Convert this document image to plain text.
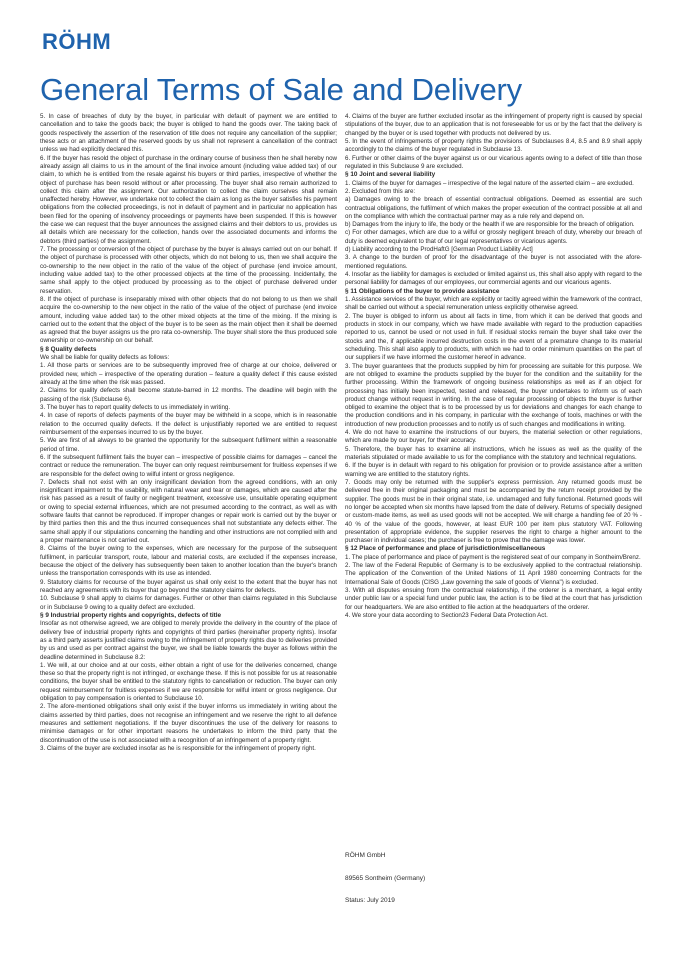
RÖHM
General Terms of Sale and Delivery

5. In case of breaches of duty by the buyer, in particular with default of payment we are entitled to cancellation and to take the goods back; the buyer is obliged to hand the goods over. The taking back of goods respectively the assertion of the reservation of title does not require any cancellation of the supplier; these acts or an attachment of the reserved goods by us shall not represent a cancellation of the contract unless we had explicitly declared this.

6. If the buyer has resold the object of purchase in the ordinary course of business then he shall hereby now already assign all claims to us in the amount of the final invoice amount (including value added tax) of our claim, to which he is entitled from the resale against his buyers or third parties, irrespective of whether the object of purchase has been resold without or after processing. The buyer shall also remain authorized to collect this claim after the assignment. Our authorization to collect the claim ourselves shall remain unaffected hereby. However, we undertake not to collect the claim as long as the buyer satisfies his payment obligations from the collected proceedings, is not in default of payment and in particular no application has been filed for the opening of insolvency proceedings or payments have been suspended. If this is however the case we can request that the buyer announces the assigned claims and their debtors to us, provides us all details which are necessary for the collection, hands over the associated documents and informs the debtors (third parties) of the assignment.

7. The processing or conversion of the object of purchase by the buyer is always carried out on our behalf. If the object of purchase is processed with other objects, which do not belong to us, then we shall acquire the co-ownership to the new object in the ratio of the value of the object of purchase (end invoice amount, including value added tax) to the other processed objects at the time of the processing. Incidentally, the same shall apply to the object produced by processing as to the object of purchase delivered under reservation.

8. If the object of purchase is inseparably mixed with other objects that do not belong to us then we shall acquire the co-ownership to the new object in the ratio of the value of the object of purchase (end invoice amount, including value added tax) to the other mixed objects at the time of the mixing. If the mixing is carried out to the extent that the object of the buyer is to be seen as the main object then it shall be deemed as agreed that the buyer assigns us the pro rata co-ownership. The buyer shall store the thus produced sole ownership or co-ownership on our behalf.

§ 8 Quality defects

We shall be liable for quality defects as follows:

1. All those parts or services are to be subsequently improved free of charge at our choice, delivered or provided new, which – irrespective of the operating duration – feature a quality defect if this cause existed already at the time when the risk was passed.

2. Claims for quality defects shall become statute-barred in 12 months. The deadline will begin with the passing of the risk (Subclause 6).

3. The buyer has to report quality defects to us immediately in writing.

4. In case of reports of defects payments of the buyer may be withheld in a scope, which is in reasonable relation to the occurred quality defects. If the defect is unjustifiably reported we are entitled to request reimbursement of the expenses incurred to us by the buyer.

5. We are first of all always to be granted the opportunity for the subsequent fulfilment within a reasonable period of time.

6. If the subsequent fulfilment fails the buyer can – irrespective of possible claims for damages – cancel the contract or reduce the remuneration. The buyer can only request reimbursement for fruitless expenses if we are responsible for the defect owing to wilful intent or gross negligence.

7. Defects shall not exist with an only insignificant deviation from the agreed conditions, with an only insignificant impairment to the usability, with natural wear and tear or damages, which are caused after the risk has passed as a result of faulty or negligent treatment, excessive use, unsuitable operating equipment or owing to special external influences, which are not presumed according to the contract, as well as with software faults that cannot be reproduced. If improper changes or repair work is carried out by the buyer or by third parties then this and the thus incurred consequences shall not substantiate any defects either. The same shall apply if our stipulations concerning the handling and other instructions are not complied with and a proper maintenance is not carried out.

8. Claims of the buyer owing to the expenses, which are necessary for the purpose of the subsequent fulfilment, in particular transport, route, labour and material costs, are excluded if the expenses increase, because the object of the delivery has subsequently been taken to another location than the buyer's branch unless the transportation corresponds with its use as intended.

9. Statutory claims for recourse of the buyer against us shall only exist to the extent that the buyer has not reached any agreements with its buyer that go beyond the statutory claims for defects.

10. Subclause 9 shall apply to claims for damages. Further or other than claims regulated in this Subclause or in Subclause 9 owing to a quality defect are excluded.

§ 9 Industrial property rights and copyrights, defects of title

Insofar as not otherwise agreed, we are obliged to merely provide the delivery in the country of the place of delivery free of industrial property rights and copyrights of third parties (hereinafter property rights). Insofar as a third party asserts justified claims owing to the infringement of property rights due to deliveries provided by us and used as per contract against the buyer, we shall be liable towards the buyer as follows within the deadline determined in Subclause 8.2:

1. We will, at our choice and at our costs, either obtain a right of use for the deliveries concerned, change these so that the property right is not infringed, or exchange these. If this is not possible for us at reasonable conditions, the buyer shall be entitled to the statutory rights to cancellation or reduction. The buyer can only request reimbursement for fruitless expenses if we are responsible for wilful intent or gross negligence. Our obligation to pay compensation is oriented to Subclause 10.

2. The afore-mentioned obligations shall only exist if the buyer informs us immediately in writing about the claims asserted by third parties, does not recognise an infringement and we reserve the right to all defence measures and settlement negotiations. If the buyer discontinues the use of the delivery for reasons to minimise damages or for other important reasons he undertakes to inform the third party that the discontinuation of the use is not associated with a recognition of an infringement of a property right.

3. Claims of the buyer are excluded insofar as he is responsible for the infringement of property right.

4. Claims of the buyer are further excluded insofar as the infringement of property right is caused by special stipulations of the buyer, due to an application that is not foreseeable for us or by the fact that the delivery is changed by the buyer or is used together with products not delivered by us.

5. In the event of infringements of property rights the provisions of Subclauses 8.4, 8.5 and 8.9 shall apply accordingly to the claims of the buyer regulated in Subclause 13.

6. Further or other claims of the buyer against us or our vicarious agents owing to a defect of title than those regulated in this Subclause 9 are excluded.

§ 10 Joint and several liability

1. Claims of the buyer for damages – irrespective of the legal nature of the asserted claim – are excluded.

2. Excluded from this are:

a) Damages owing to the breach of essential contractual obligations. Deemed as essential are such contractual obligations, the fulfilment of which makes the proper execution of the contract possible at all and on the compliance with which the contractual partner may as a rule rely and depend on.

b) Damages from the injury to life, the body or the health if we are responsible for the breach of obligation.

c) For other damages, which are due to a wilful or grossly negligent breach of duty, whereby our breach of duty is deemed equivalent to that of our legal representatives or vicarious agents.

d) Liability according to the ProdHaftG [German Product Liability Act]

3. A change to the burden of proof for the disadvantage of the buyer is not associated with the afore-mentioned regulations.

4. Insofar as the liability for damages is excluded or limited against us, this shall also apply with regard to the personal liability for damages of our employees, our commercial agents and our vicarious agents.

§ 11 Obligations of the buyer to provide assistance

1. Assistance services of the buyer, which are explicitly or tacitly agreed within the framework of the contract, shall be carried out without a special remuneration unless explicitly otherwise agreed.

2. The buyer is obliged to inform us about all facts in time, from which it can be derived that goods and products in stock in our company, which we have made available with regard to the production capacities reported to us, cannot be used or not used in full. If residual stocks remain the buyer shall take over the stocks and the, if applicable incurred destruction costs in the event of a premature change to its material scheduling. This shall also apply to products, with which we had to order minimum quantities on the part of our suppliers if we have informed the customer hereof in advance.

3. The buyer guarantees that the products supplied by him for processing are suitable for this purpose. We are not obliged to examine the products supplied by the buyer for the condition and the suitability for the further processing. Within the framework of ongoing business relationships as well as if an object for processing has initially been inspected, tested and released, the buyer undertakes to inform us of each product change without request in writing. In the case of regular processing of objects the buyer is further obliged to examine the object that is to be processed by us for deviations and changes for each change to the production conditions and in his company, in particular with the exchange of tools, machines or with the introduction of new production processes and to notify us of such changes and modifications in writing.

4. We do not have to examine the instructions of our buyers, the material selection or other regulations, which are made by our buyer, for their accuracy.

5. Therefore, the buyer has to examine all instructions, which he issues as well as the quality of the materials stipulated or made available to us for the compliance with the statutory and technical regulations.

6. If the buyer is in default with regard to his obligation for provision or to provide assistance after a written warning we are entitled to the statutory rights.

7. Goods may only be returned with the supplier's express permission. Any returned goods must be delivered free in their original packaging and must be accompanied by the return receipt provided by the supplier. The goods must be in their original state, i.e. undamaged and fully functional. Returned goods will no longer be accepted when six months have lapsed from the date of delivery. Returns of specially designed or custom-made items, as well as used goods will not be accepted. We will charge a handling fee of 20 % - 40 % of the value of the goods, however, at least EUR 100 per item plus statutory VAT. Following presentation of appropriate evidence, the supplier reserves the right to charge a higher amount to the purchaser in individual cases; the purchaser is free to prove that the damage was lower.

§ 12 Place of performance and place of jurisdiction/miscellaneous

1. The place of performance and place of payment is the registered seat of our company in Sontheim/Brenz.

2. The law of the Federal Republic of Germany is to be exclusively applied to the contractual relationship. The application of the Convention of the United Nations of 11 April 1980 concerning Contracts for the International Sale of Goods (CISG „Law governing the sale of goods of Vienna") is excluded.

3. With all disputes ensuing from the contractual relationship, if the orderer is a merchant, a legal entity under public law or a special fund under public law, the action is to be filed at the court that has jurisdiction for our headquarters. We are also entitled to file action at the headquarters of the orderer.

4. We store your data according to Section23 Federal Data Protection Act.

RÖHM GmbH
89565 Sontheim (Germany)
Status: July 2019
